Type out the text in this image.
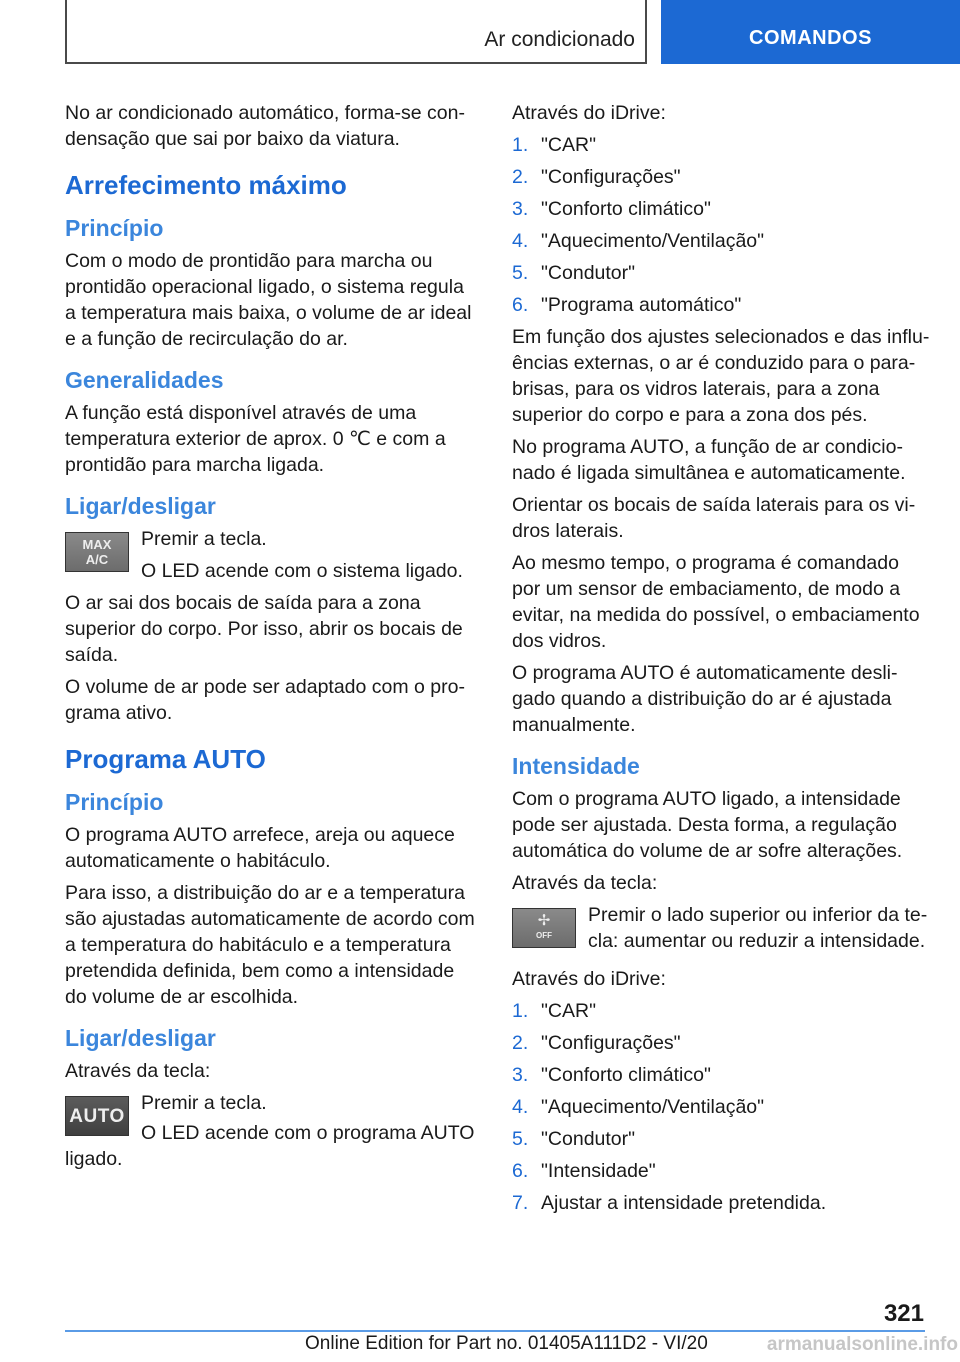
Ar condicionado	COMANDOS

No ar condicionado automático, forma-se condensação que sai por baixo da viatura.

Arrefecimento máximo
Princípio

Com o modo de prontidão para marcha ou prontidão operacional ligado, o sistema regula a temperatura mais baixa, o volume de ar ideal e a função de recirculação do ar.

Generalidades

A função está disponível através de uma temperatura exterior de aprox. 0 ℃ e com a prontidão para marcha ligada.

Ligar/desligar
MAX
A/C

Premir a tecla.

O LED acende com o sistema ligado.

O ar sai dos bocais de saída para a zona superior do corpo. Por isso, abrir os bocais de saída.

O volume de ar pode ser adaptado com o programa ativo.

Programa AUTO
Princípio

O programa AUTO arrefece, areja ou aquece automaticamente o habitáculo.

Para isso, a distribuição do ar e a temperatura são ajustadas automaticamente de acordo com a temperatura do habitáculo e a temperatura pretendida definida, bem como a intensidade do volume de ar escolhida.

Ligar/desligar

Através da tecla:

AUTO

Premir a tecla.

O LED acende com o programa AUTO ligado.

Através do iDrive:

1. "CAR"
2. "Configurações"
3. "Conforto climático"
4. "Aquecimento/Ventilação"
5. "Condutor"
6. "Programa automático"

Em função dos ajustes selecionados e das influências externas, o ar é conduzido para o para-brisas, para os vidros laterais, para a zona superior do corpo e para a zona dos pés.

No programa AUTO, a função de ar condicionado é ligada simultânea e automaticamente.

Orientar os bocais de saída laterais para os vidros laterais.

Ao mesmo tempo, o programa é comandado por um sensor de embaciamento, de modo a evitar, na medida do possível, o embaciamento dos vidros.

O programa AUTO é automaticamente desligado quando a distribuição do ar é ajustada manualmente.

Intensidade

Com o programa AUTO ligado, a intensidade pode ser ajustada. Desta forma, a regulação automática do volume de ar sofre alterações.

Através da tecla:

✢
OFF

Premir o lado superior ou inferior da tecla: aumentar ou reduzir a intensidade.

Através do iDrive:

1. "CAR"
2. "Configurações"
3. "Conforto climático"
4. "Aquecimento/Ventilação"
5. "Condutor"
6. "Intensidade"
7. Ajustar a intensidade pretendida.
321
Online Edition for Part no. 01405A111D2 - VI/20	armanualsonline.info
